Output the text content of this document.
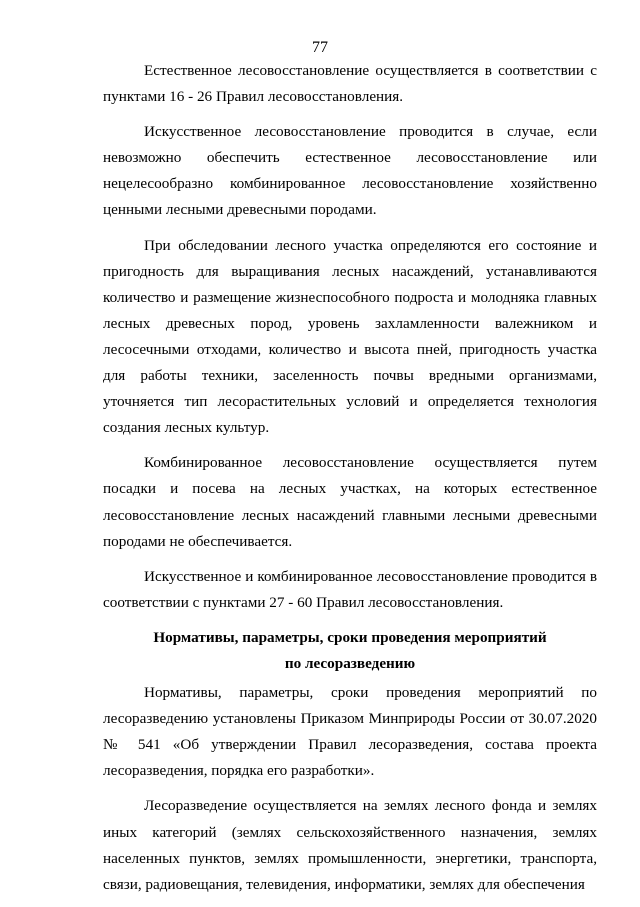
77

Естественное лесовосстановление осуществляется в соответствии с пунктами 16 - 26 Правил лесовосстановления.

Искусственное лесовосстановление проводится в случае, если невозможно обеспечить естественное лесовосстановление или нецелесообразно комбинированное лесовосстановление хозяйственно ценными лесными древесными породами.

При обследовании лесного участка определяются его состояние и пригодность для выращивания лесных насаждений, устанавливаются количество и размещение жизнеспособного подроста и молодняка главных лесных древесных пород, уровень захламленности валежником и лесосечными отходами, количество и высота пней, пригодность участка для работы техники, заселенность почвы вредными организмами, уточняется тип лесорастительных условий и определяется технология создания лесных культур.

Комбинированное лесовосстановление осуществляется путем посадки и посева на лесных участках, на которых естественное лесовосстановление лесных насаждений главными лесными древесными породами не обеспечивается.

Искусственное и комбинированное лесовосстановление проводится в соответствии с пунктами 27 - 60 Правил лесовосстановления.

Нормативы, параметры, сроки проведения мероприятий
по лесоразведению

Нормативы, параметры, сроки проведения мероприятий по лесоразведению установлены Приказом Минприроды России от 30.07.2020 № 541 «Об утверждении Правил лесоразведения, состава проекта лесоразведения, порядка его разработки».

Лесоразведение осуществляется на землях лесного фонда и землях иных категорий (землях сельскохозяйственного назначения, землях населенных пунктов, землях промышленности, энергетики, транспорта, связи, радиовещания, телевидения, информатики, землях для обеспечения
